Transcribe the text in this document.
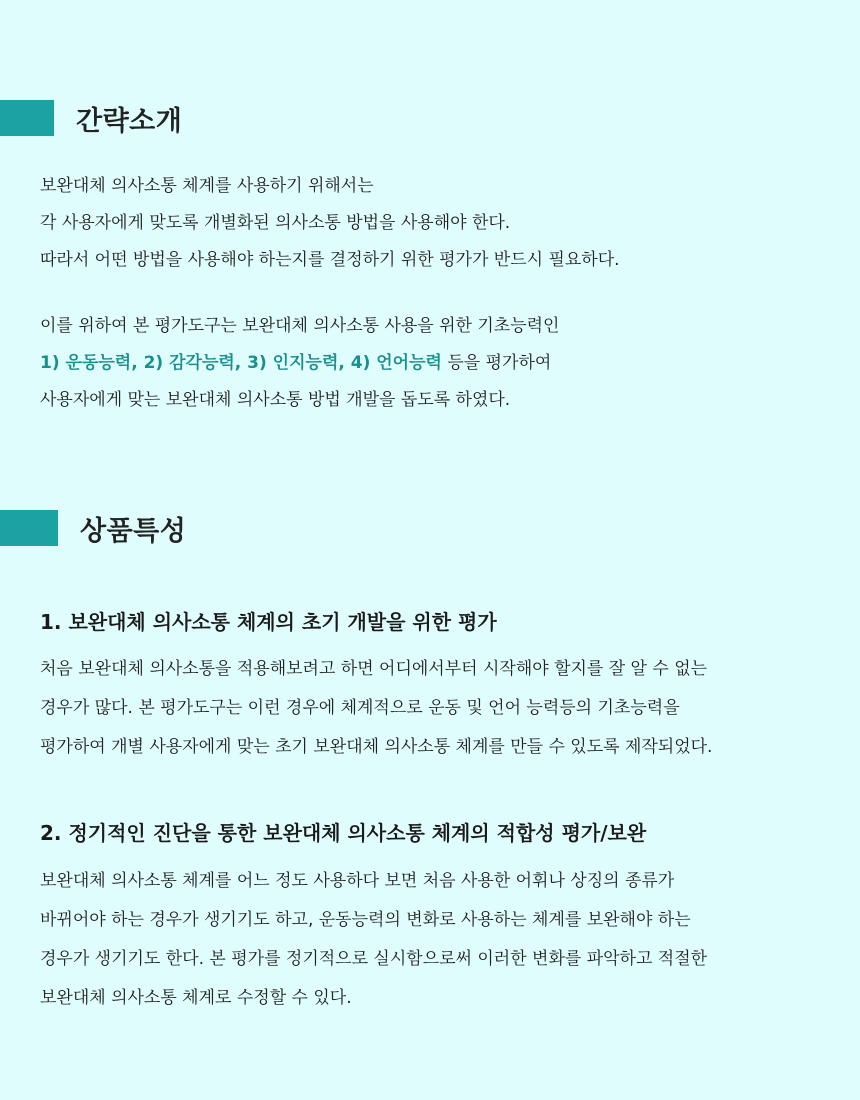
간략소개
보완대체 의사소통 체계를 사용하기 위해서는
각 사용자에게 맞도록 개별화된 의사소통 방법을 사용해야 한다.
따라서 어떤 방법을 사용해야 하는지를 결정하기 위한 평가가 반드시 필요하다.
이를 위하여 본 평가도구는 보완대체 의사소통 사용을 위한 기초능력인
1) 운동능력, 2) 감각능력, 3) 인지능력, 4) 언어능력 등을 평가하여
사용자에게 맞는 보완대체 의사소통 방법 개발을 돕도록 하였다.
상품특성
1. 보완대체 의사소통 체계의 초기 개발을 위한 평가
처음 보완대체 의사소통을 적용해보려고 하면 어디에서부터 시작해야 할지를 잘 알 수 없는
경우가 많다. 본 평가도구는 이런 경우에 체계적으로 운동 및 언어 능력등의 기초능력을
평가하여 개별 사용자에게 맞는 초기 보완대체 의사소통 체계를 만들 수 있도록 제작되었다.
2. 정기적인 진단을 통한 보완대체 의사소통 체계의 적합성 평가/보완
보완대체 의사소통 체계를 어느 정도 사용하다 보면 처음 사용한 어휘나 상징의 종류가
바뀌어야 하는 경우가 생기기도 하고, 운동능력의 변화로 사용하는 체계를 보완해야 하는
경우가 생기기도 한다. 본 평가를 정기적으로 실시함으로써 이러한 변화를 파악하고 적절한
보완대체 의사소통 체계로 수정할 수 있다.
